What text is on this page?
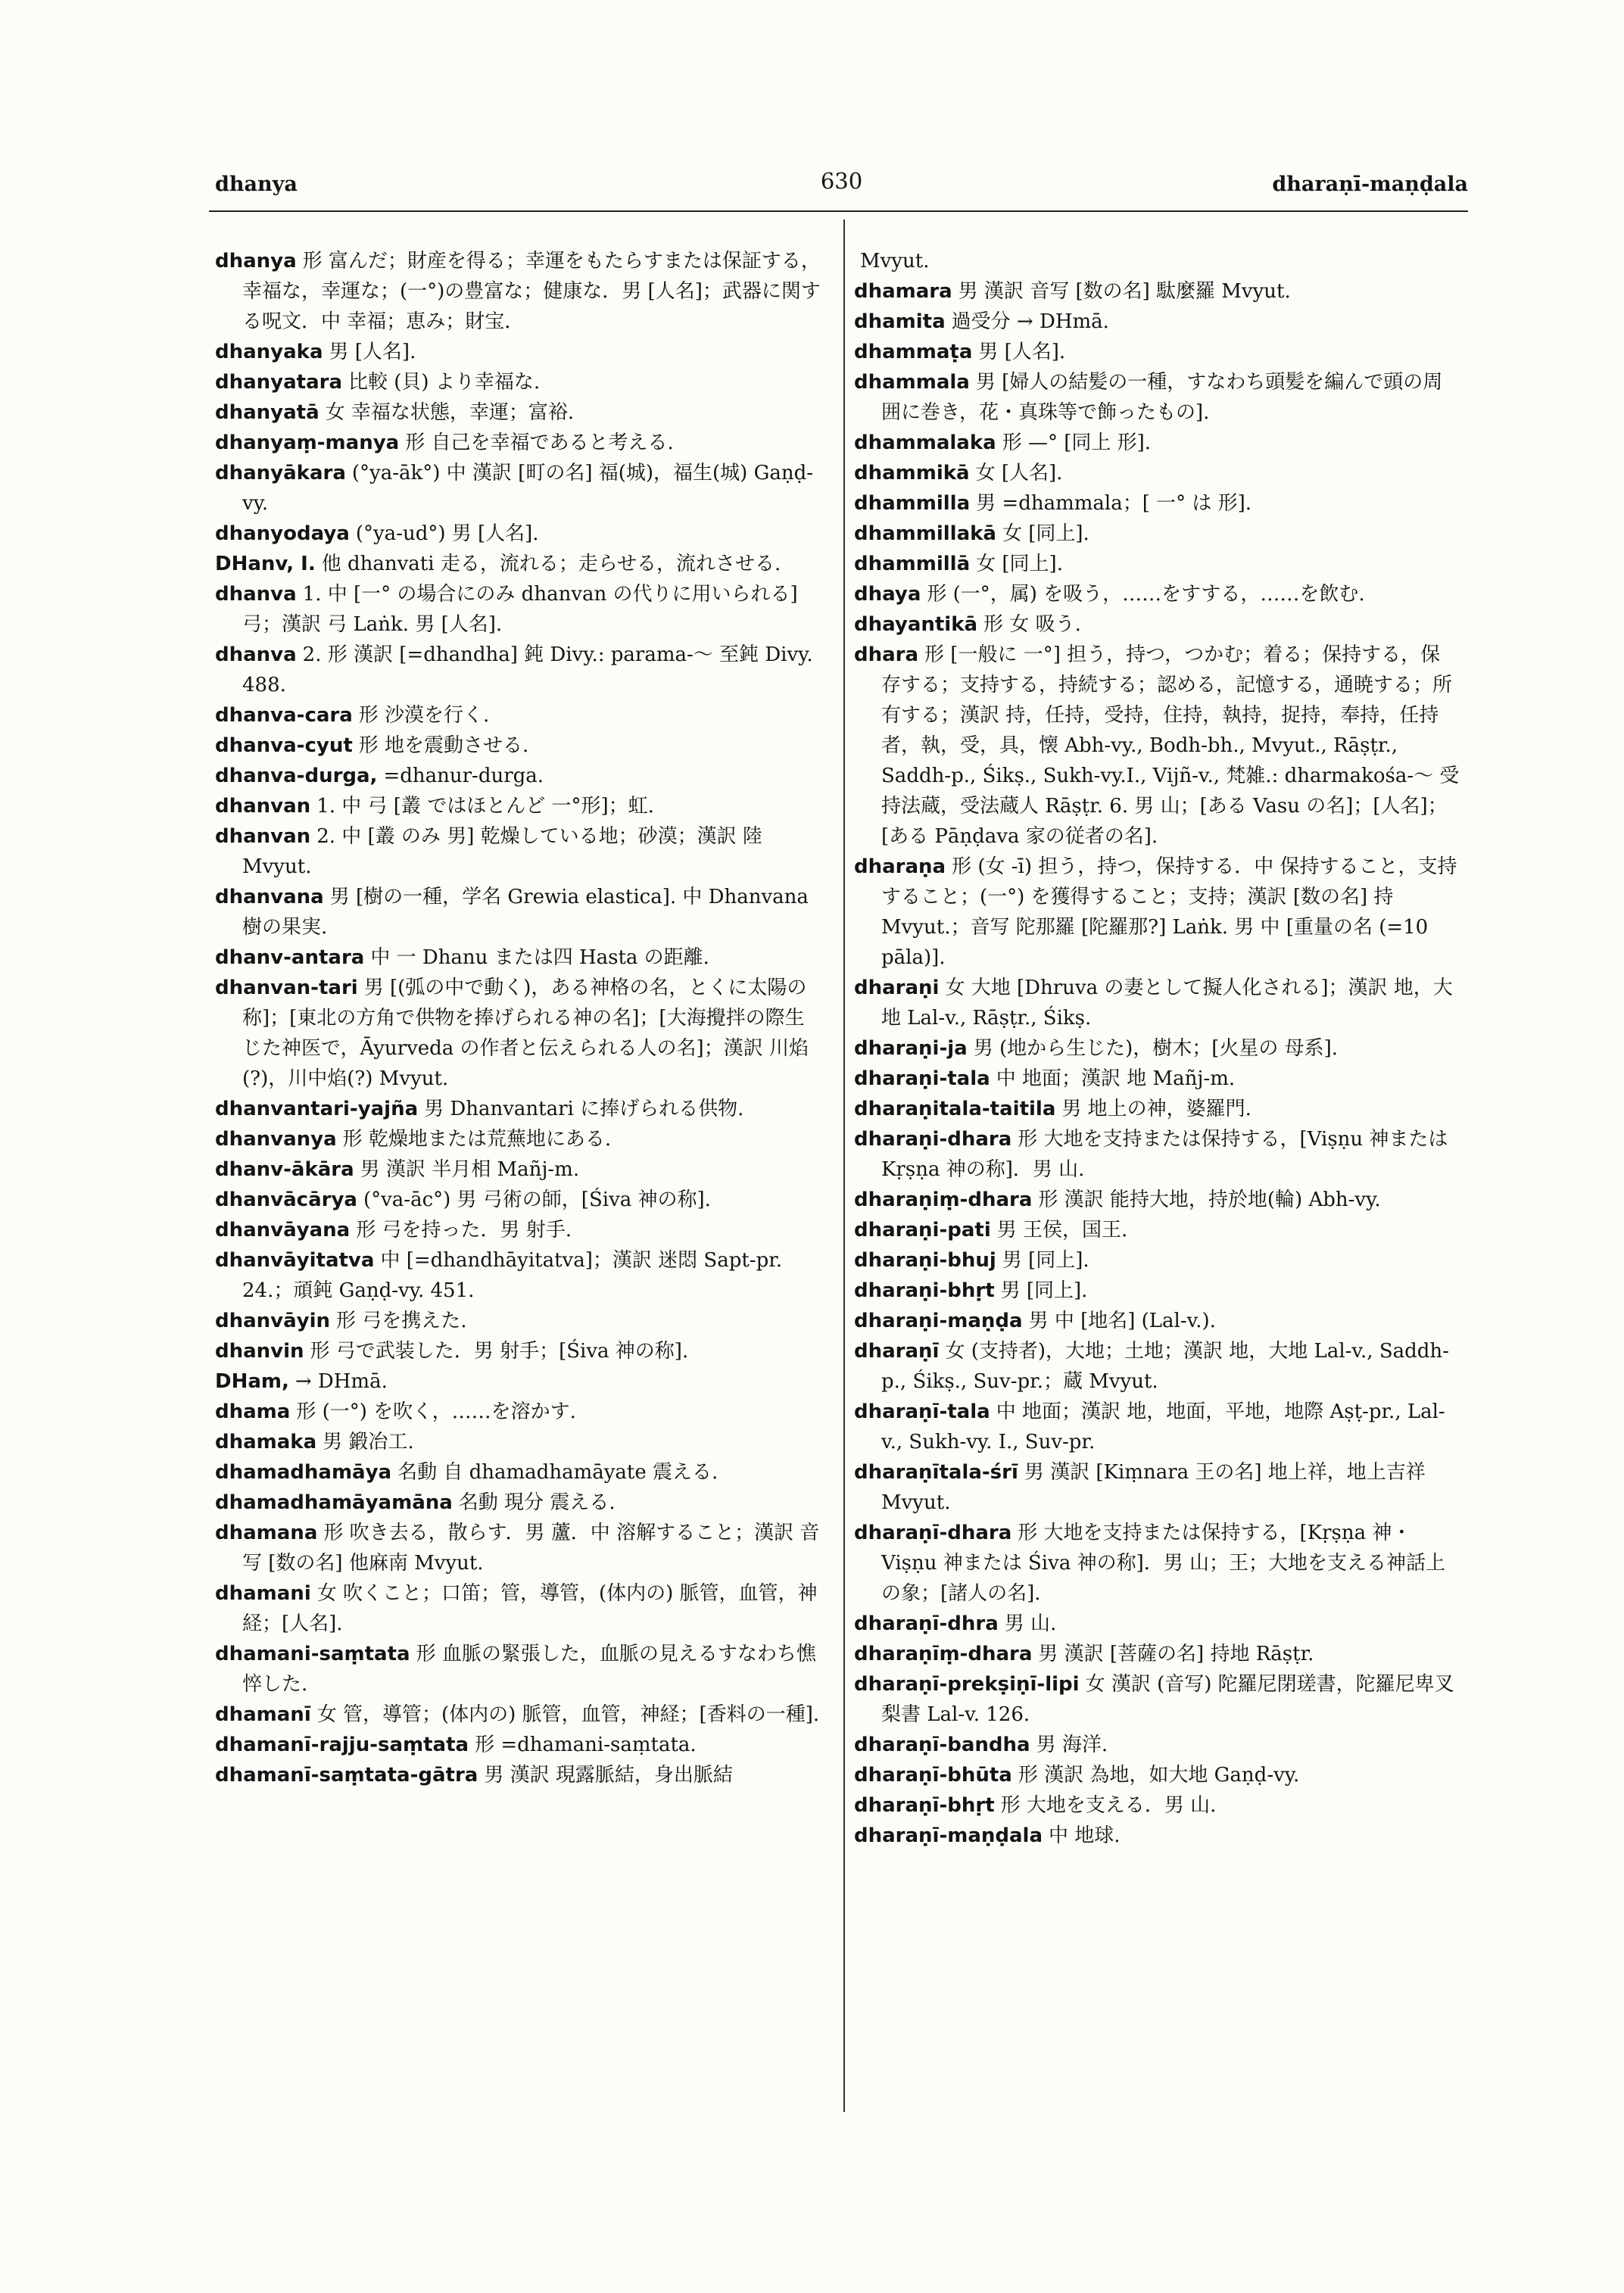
dhanya	630	dharaṇī-maṇḍala

dhanya 形 富んだ；財産を得る；幸運をもたらすまたは保証する，幸福な，幸運な；(一°)の豊富な；健康な．男 [人名]；武器に関する呪文．中 幸福；恵み；財宝．

dhanyaka 男 [人名].

dhanyatara 比較 (貝) より幸福な.

dhanyatā 女 幸福な状態，幸運；富裕.

dhanyaṃ-manya 形 自己を幸福であると考える.

dhanyākara (°ya-āk°) 中 漢訳 [町の名] 福(城)，福生(城) Gaṇḍ-vy.

dhanyodaya (°ya-ud°) 男 [人名].

DHanv, I. 他 dhanvati 走る，流れる；走らせる，流れさせる.

dhanva 1. 中 [一° の場合にのみ dhanvan の代りに用いられる] 弓；漢訳 弓 Laṅk. 男 [人名].

dhanva 2. 形 漢訳 [=dhandha] 鈍 Divy.: parama-〜 至鈍 Divy. 488.

dhanva-cara 形 沙漠を行く.

dhanva-cyut 形 地を震動させる.

dhanva-durga, =dhanur-durga.

dhanvan 1. 中 弓 [叢 ではほとんど 一°形]；虹.

dhanvan 2. 中 [叢 のみ 男] 乾燥している地；砂漠；漢訳 陸 Mvyut.

dhanvana 男 [樹の一種，学名 Grewia elastica]. 中 Dhanvana 樹の果実.

dhanv-antara 中 一 Dhanu または四 Hasta の距離.

dhanvan-tari 男 [(弧の中で動く)，ある神格の名，とくに太陽の称]；[東北の方角で供物を捧げられる神の名]；[大海攪拌の際生じた神医で，Āyurveda の作者と伝えられる人の名]；漢訳 川焰(?)，川中焰(?) Mvyut.

dhanvantari-yajña 男 Dhanvantari に捧げられる供物.

dhanvanya 形 乾燥地または荒蕪地にある.

dhanv-ākāra 男 漢訳 半月相 Mañj-m.

dhanvācārya (°va-āc°) 男 弓術の師，[Śiva 神の称].

dhanvāyana 形 弓を持った．男 射手.

dhanvāyitatva 中 [=dhandhāyitatva]；漢訳 迷悶 Sapt-pr. 24.；頑鈍 Gaṇḍ-vy. 451.

dhanvāyin 形 弓を携えた.

dhanvin 形 弓で武装した．男 射手；[Śiva 神の称].

DHam, → DHmā.

dhama 形 (一°) を吹く，……を溶かす.

dhamaka 男 鍛冶工.

dhamadhamāya 名動 自 dhamadhamāyate 震える.

dhamadhamāyamāna 名動 現分 震える.

dhamana 形 吹き去る，散らす．男 蘆．中 溶解すること；漢訳 音写 [数の名] 他麻南 Mvyut.

dhamani 女 吹くこと；口笛；管，導管，(体内の) 脈管，血管，神経；[人名].

dhamani-saṃtata 形 血脈の緊張した，血脈の見えるすなわち憔悴した.

dhamanī 女 管，導管；(体内の) 脈管，血管，神経；[香料の一種].

dhamanī-rajju-saṃtata 形 =dhamani-saṃtata.

dhamanī-saṃtata-gātra 男 漢訳 現露脈結，身出脈結

Mvyut.

dhamara 男 漢訳 音写 [数の名] 駄麼羅 Mvyut.

dhamita 過受分 → DHmā.

dhammaṭa 男 [人名].

dhammala 男 [婦人の結髪の一種，すなわち頭髪を編んで頭の周囲に巻き，花・真珠等で飾ったもの].

dhammalaka 形 —° [同上 形].

dhammikā 女 [人名].

dhammilla 男 =dhammala；[ 一° は 形].

dhammillakā 女 [同上].

dhammillā 女 [同上].

dhaya 形 (一°，属) を吸う，……をすする，……を飲む.

dhayantikā 形 女 吸う.

dhara 形 [一般に 一°] 担う，持つ，つかむ；着る；保持する，保存する；支持する，持続する；認める，記憶する，通暁する；所有する；漢訳 持，任持，受持，住持，執持，捉持，奉持，任持者，執，受，具，懐 Abh-vy., Bodh-bh., Mvyut., Rāṣṭr., Saddh-p., Śikṣ., Sukh-vy.I., Vijñ-v., 梵雑.: dharmakośa-〜 受持法蔵，受法蔵人 Rāṣṭr. 6. 男 山；[ある Vasu の名]；[人名]；[ある Pāṇḍava 家の従者の名].

dharaṇa 形 (女 -ī) 担う，持つ，保持する．中 保持すること，支持すること；(一°) を獲得すること；支持；漢訳 [数の名] 持 Mvyut.；音写 陀那羅 [陀羅那?] Laṅk. 男 中 [重量の名 (=10 pāla)].

dharaṇi 女 大地 [Dhruva の妻として擬人化される]；漢訳 地，大地 Lal-v., Rāṣṭr., Śikṣ.

dharaṇi-ja 男 (地から生じた)，樹木；[火星の 母系].

dharaṇi-tala 中 地面；漢訳 地 Mañj-m.

dharaṇitala-taitila 男 地上の神，婆羅門.

dharaṇi-dhara 形 大地を支持または保持する，[Viṣṇu 神または Kṛṣṇa 神の称]．男 山.

dharaṇiṃ-dhara 形 漢訳 能持大地，持於地(輪) Abh-vy.

dharaṇi-pati 男 王侯，国王.

dharaṇi-bhuj 男 [同上].

dharaṇi-bhṛt 男 [同上].

dharaṇi-maṇḍa 男 中 [地名] (Lal-v.).

dharaṇī 女 (支持者)，大地；土地；漢訳 地，大地 Lal-v., Saddh-p., Śikṣ., Suv-pr.；蔵 Mvyut.

dharaṇī-tala 中 地面；漢訳 地，地面，平地，地際 Aṣṭ-pr., Lal-v., Sukh-vy. I., Suv-pr.

dharaṇītala-śrī 男 漢訳 [Kiṃnara 王の名] 地上祥，地上吉祥 Mvyut.

dharaṇī-dhara 形 大地を支持または保持する，[Kṛṣṇa 神・Viṣṇu 神または Śiva 神の称]．男 山；王；大地を支える神話上の象；[諸人の名].

dharaṇī-dhra 男 山.

dharaṇīṃ-dhara 男 漢訳 [菩薩の名] 持地 Rāṣṭr.

dharaṇī-prekṣiṇī-lipi 女 漢訳 (音写) 陀羅尼閉瑳書，陀羅尼卑叉梨書 Lal-v. 126.

dharaṇī-bandha 男 海洋.

dharaṇī-bhūta 形 漢訳 為地，如大地 Gaṇḍ-vy.

dharaṇī-bhṛt 形 大地を支える．男 山.

dharaṇī-maṇḍala 中 地球.
